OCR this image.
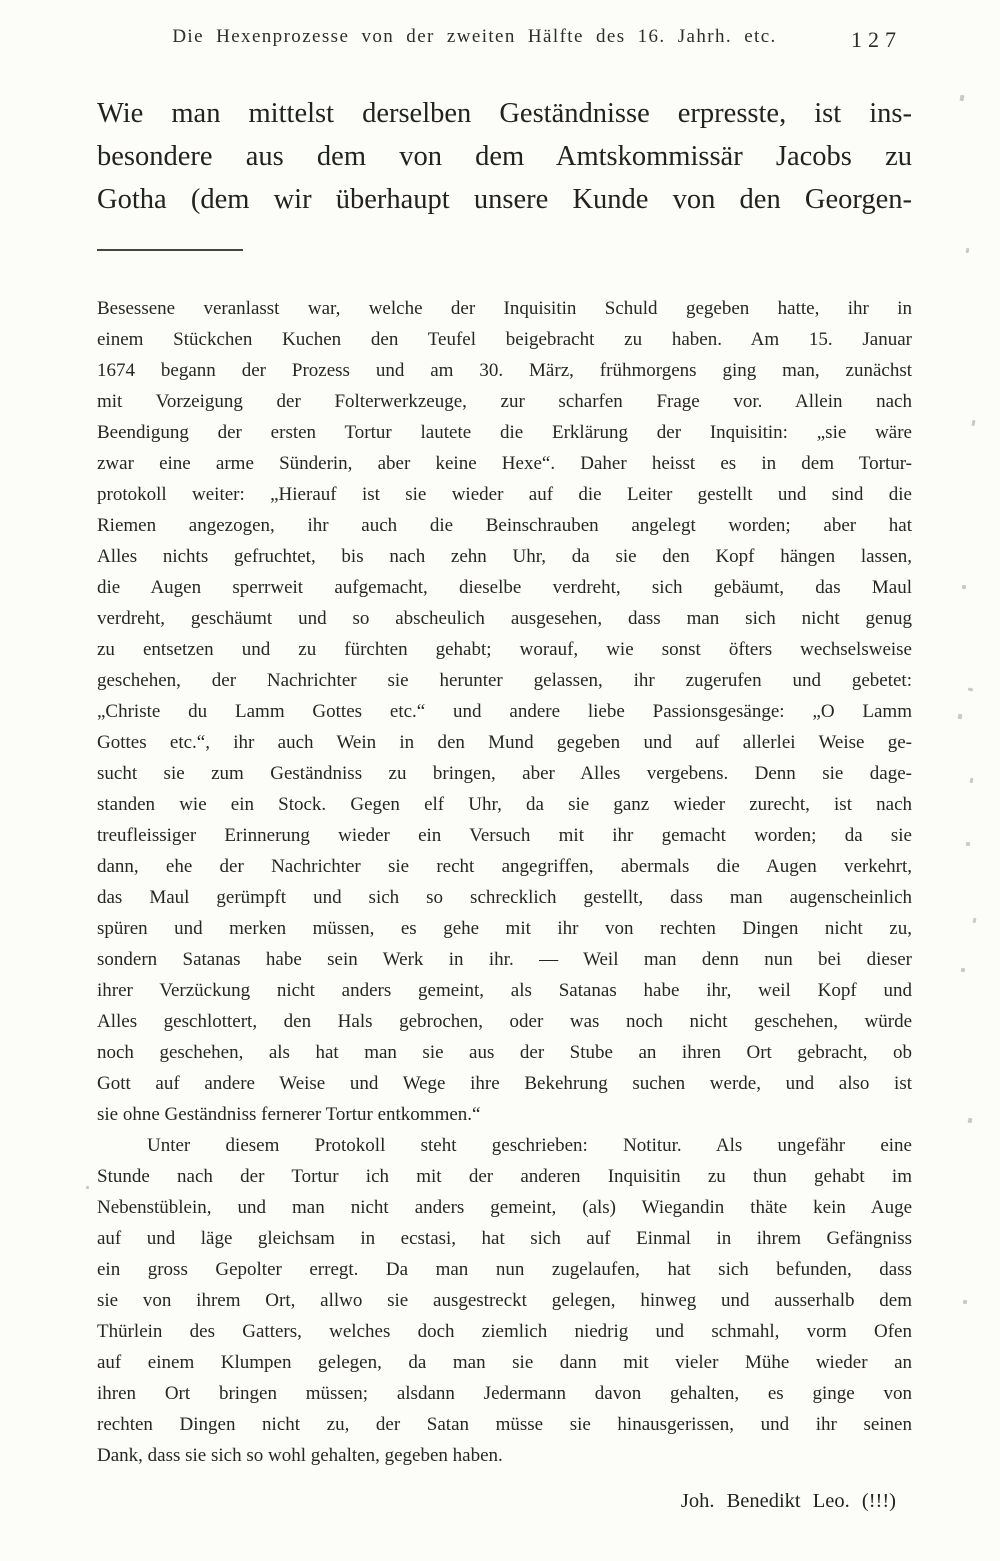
Die Hexenprozesse von der zweiten Hälfte des 16. Jahrh. etc.	127
Wie man mittelst derselben Geständnisse erpresste, ist ins-
besondere aus dem von dem Amtskommissär Jacobs zu
Gotha (dem wir überhaupt unsere Kunde von den Georgen-
Besessene veranlasst war, welche der Inquisitin Schuld gegeben hatte, ihr in
einem Stückchen Kuchen den Teufel beigebracht zu haben. Am 15. Januar
1674 begann der Prozess und am 30. März, frühmorgens ging man, zunächst
mit Vorzeigung der Folterwerkzeuge, zur scharfen Frage vor. Allein nach
Beendigung der ersten Tortur lautete die Erklärung der Inquisitin: „sie wäre
zwar eine arme Sünderin, aber keine Hexe“. Daher heisst es in dem Tortur-
protokoll weiter: „Hierauf ist sie wieder auf die Leiter gestellt und sind die
Riemen angezogen, ihr auch die Beinschrauben angelegt worden; aber hat
Alles nichts gefruchtet, bis nach zehn Uhr, da sie den Kopf hängen lassen,
die Augen sperrweit aufgemacht, dieselbe verdreht, sich gebäumt, das Maul
verdreht, geschäumt und so abscheulich ausgesehen, dass man sich nicht genug
zu entsetzen und zu fürchten gehabt; worauf, wie sonst öfters wechselsweise
geschehen, der Nachrichter sie herunter gelassen, ihr zugerufen und gebetet:
„Christe du Lamm Gottes etc.“ und andere liebe Passionsgesänge: „O Lamm
Gottes etc.“, ihr auch Wein in den Mund gegeben und auf allerlei Weise ge-
sucht sie zum Geständniss zu bringen, aber Alles vergebens. Denn sie dage-
standen wie ein Stock. Gegen elf Uhr, da sie ganz wieder zurecht, ist nach
treufleissiger Erinnerung wieder ein Versuch mit ihr gemacht worden; da sie
dann, ehe der Nachrichter sie recht angegriffen, abermals die Augen verkehrt,
das Maul gerümpft und sich so schrecklich gestellt, dass man augenscheinlich
spüren und merken müssen, es gehe mit ihr von rechten Dingen nicht zu,
sondern Satanas habe sein Werk in ihr. — Weil man denn nun bei dieser
ihrer Verzückung nicht anders gemeint, als Satanas habe ihr, weil Kopf und
Alles geschlottert, den Hals gebrochen, oder was noch nicht geschehen, würde
noch geschehen, als hat man sie aus der Stube an ihren Ort gebracht, ob
Gott auf andere Weise und Wege ihre Bekehrung suchen werde, und also ist
sie ohne Geständniss fernerer Tortur entkommen.“
Unter diesem Protokoll steht geschrieben: Notitur. Als ungefähr eine
Stunde nach der Tortur ich mit der anderen Inquisitin zu thun gehabt im
Nebenstüblein, und man nicht anders gemeint, (als) Wiegandin thäte kein Auge
auf und läge gleichsam in ecstasi, hat sich auf Einmal in ihrem Gefängniss
ein gross Gepolter erregt. Da man nun zugelaufen, hat sich befunden, dass
sie von ihrem Ort, allwo sie ausgestreckt gelegen, hinweg und ausserhalb dem
Thürlein des Gatters, welches doch ziemlich niedrig und schmahl, vorm Ofen
auf einem Klumpen gelegen, da man sie dann mit vieler Mühe wieder an
ihren Ort bringen müssen; alsdann Jedermann davon gehalten, es ginge von
rechten Dingen nicht zu, der Satan müsse sie hinausgerissen, und ihr seinen
Dank, dass sie sich so wohl gehalten, gegeben haben.
Joh. Benedikt Leo. (!!!)
